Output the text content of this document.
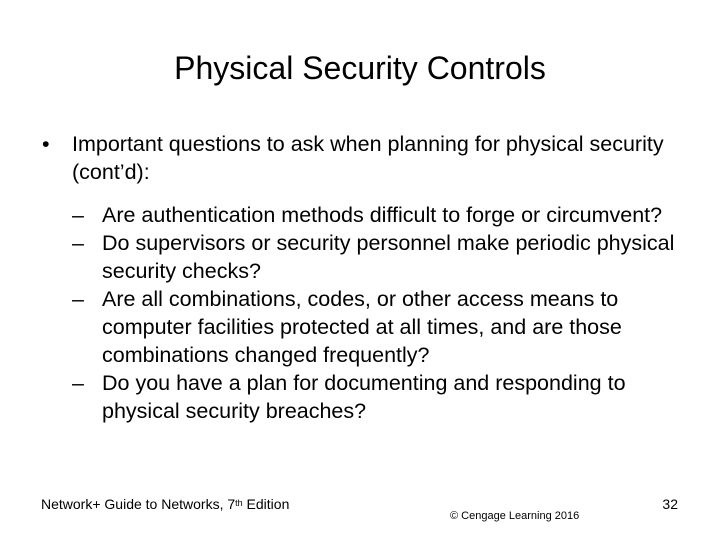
Physical Security Controls
•	Important questions to ask when planning for physical security (cont’d):
– Are authentication methods difficult to forge or circumvent?
– Do supervisors or security personnel make periodic physical security checks?
– Are all combinations, codes, or other access means to computer facilities protected at all times, and are those combinations changed frequently?
– Do you have a plan for documenting and responding to physical security breaches?
Network+ Guide to Networks, 7th Edition
© Cengage Learning 2016
32
